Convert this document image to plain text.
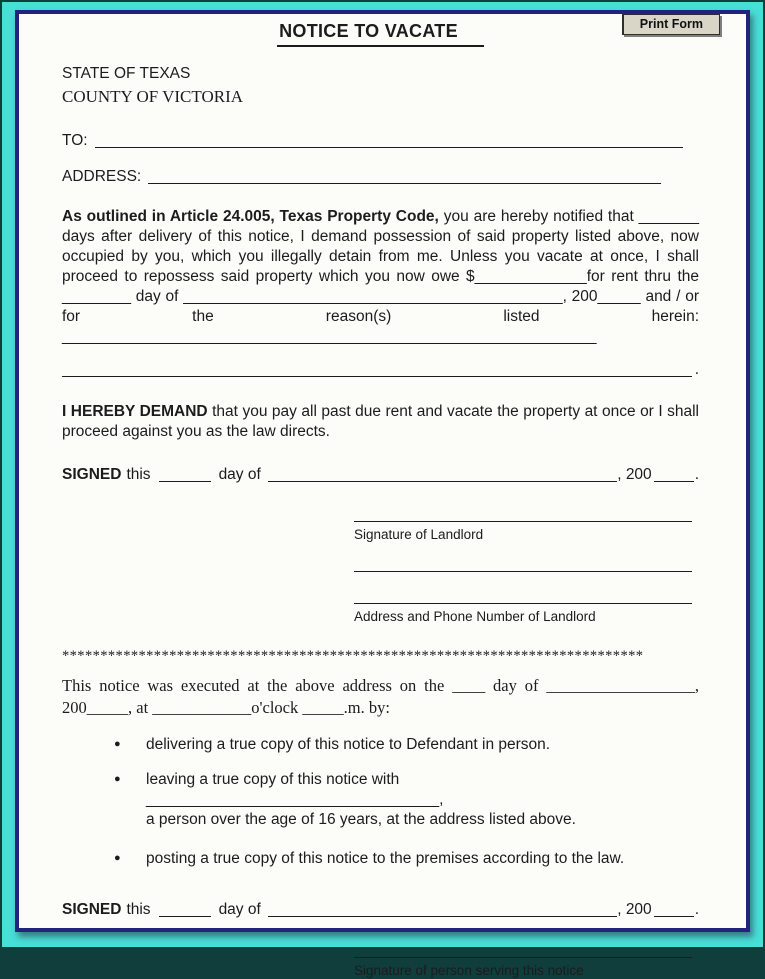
Print Form
NOTICE TO VACATE
STATE OF TEXAS
COUNTY OF VICTORIA
TO:
ADDRESS:
As outlined in Article 24.005, Texas Property Code, you are hereby notified that _______ days after delivery of this notice, I demand possession of said property listed above, now occupied by you, which you illegally detain from me. Unless you vacate at once, I shall proceed to repossess said property which you now owe $_____________for rent thru the ________ day of ____________________________________________, 200_____ and / or for the reason(s) listed herein: ______________________________________________________________
.
I HEREBY DEMAND that you pay all past due rent and vacate the property at once or I shall proceed against you as the law directs.
SIGNED this	day of	, 200	.
Signature of Landlord
Address and Phone Number of Landlord
****************************************************************************
This notice was executed at the above address on the ____ day of __________________, 200_____, at ____________o'clock _____.m. by:
●	delivering a true copy of this notice to Defendant in person.
●	leaving a true copy of this notice with __________________________________,
a person over the age of 16 years, at the address listed above.
●	posting a true copy of this notice to the premises according to the law.
SIGNED this	day of	, 200	.
Signature of person serving this notice
